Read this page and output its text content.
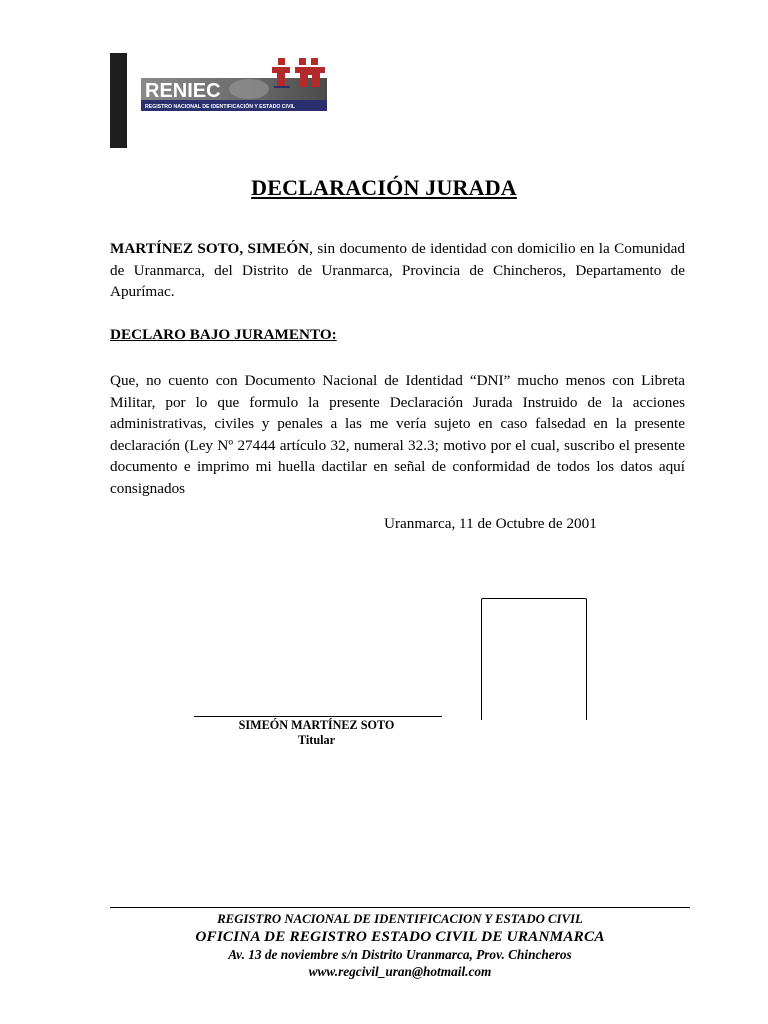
RENIEC
REGISTRO NACIONAL DE IDENTIFICACIÓN Y ESTADO CIVIL
DECLARACIÓN JURADA
MARTÍNEZ SOTO, SIMEÓN, sin documento de identidad con domicilio en la Comunidad de Uranmarca, del Distrito de Uranmarca, Provincia de Chincheros, Departamento de Apurímac.
DECLARO BAJO JURAMENTO:
Que, no cuento con Documento Nacional de Identidad “DNI” mucho menos con Libreta Militar, por lo que formulo la presente Declaración Jurada Instruido de la acciones administrativas, civiles y penales a las me vería sujeto en caso falsedad en la presente declaración (Ley Nº 27444 artículo 32, numeral 32.3; motivo por el cual, suscribo el presente documento e imprimo mi huella dactilar en señal de conformidad de todos los datos aquí consignados
Uranmarca, 11 de Octubre de 2001
SIMEÓN MARTÍNEZ SOTO
Titular
REGISTRO NACIONAL DE IDENTIFICACION Y ESTADO CIVIL
OFICINA DE REGISTRO ESTADO CIVIL DE URANMARCA
Av. 13 de noviembre s/n Distrito Uranmarca, Prov. Chincheros
www.regcivil_uran@hotmail.com
